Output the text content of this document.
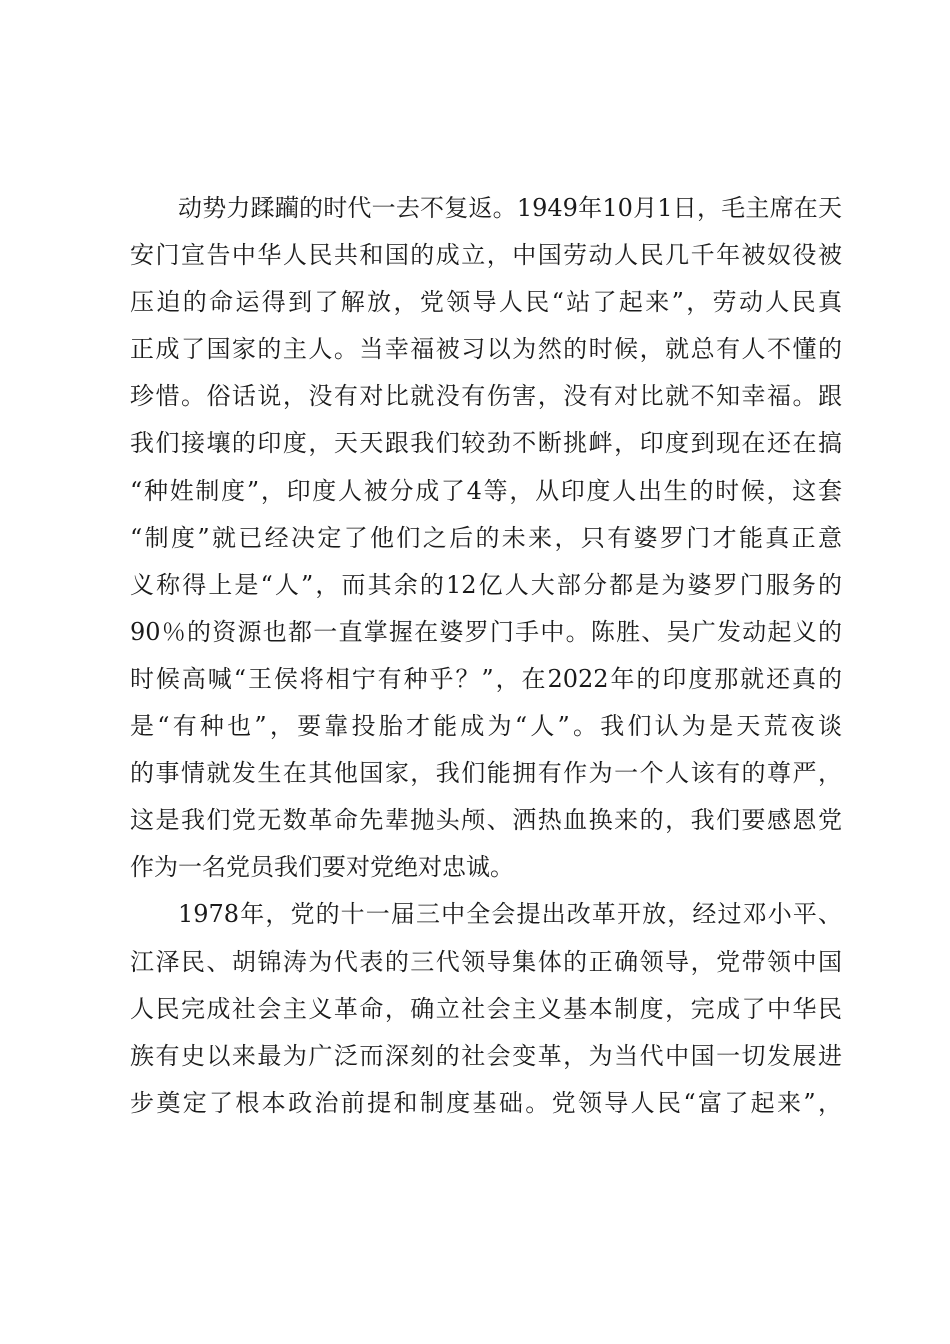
动势力蹂躏的时代一去不复返。1949年10月1日，毛主席在天
安门宣告中华人民共和国的成立，中国劳动人民几千年被奴役被
压迫的命运得到了解放，党领导人民“站了起来”，劳动人民真
正成了国家的主人。当幸福被习以为然的时候，就总有人不懂的
珍惜。俗话说，没有对比就没有伤害，没有对比就不知幸福。跟
我们接壤的印度，天天跟我们较劲不断挑衅，印度到现在还在搞
“种姓制度”，印度人被分成了4等，从印度人出生的时候，这套
“制度”就已经决定了他们之后的未来，只有婆罗门才能真正意
义称得上是“人”，而其余的12亿人大部分都是为婆罗门服务的
90％的资源也都一直掌握在婆罗门手中。陈胜、吴广发动起义的
时候高喊“王侯将相宁有种乎？”，在2022年的印度那就还真的
是“有种也”，要靠投胎才能成为“人”。我们认为是天荒夜谈
的事情就发生在其他国家，我们能拥有作为一个人该有的尊严，
这是我们党无数革命先辈抛头颅、洒热血换来的，我们要感恩党
作为一名党员我们要对党绝对忠诚。
1978年，党的十一届三中全会提出改革开放，经过邓小平、
江泽民、胡锦涛为代表的三代领导集体的正确领导，党带领中国
人民完成社会主义革命，确立社会主义基本制度，完成了中华民
族有史以来最为广泛而深刻的社会变革，为当代中国一切发展进
步奠定了根本政治前提和制度基础。党领导人民“富了起来”，
